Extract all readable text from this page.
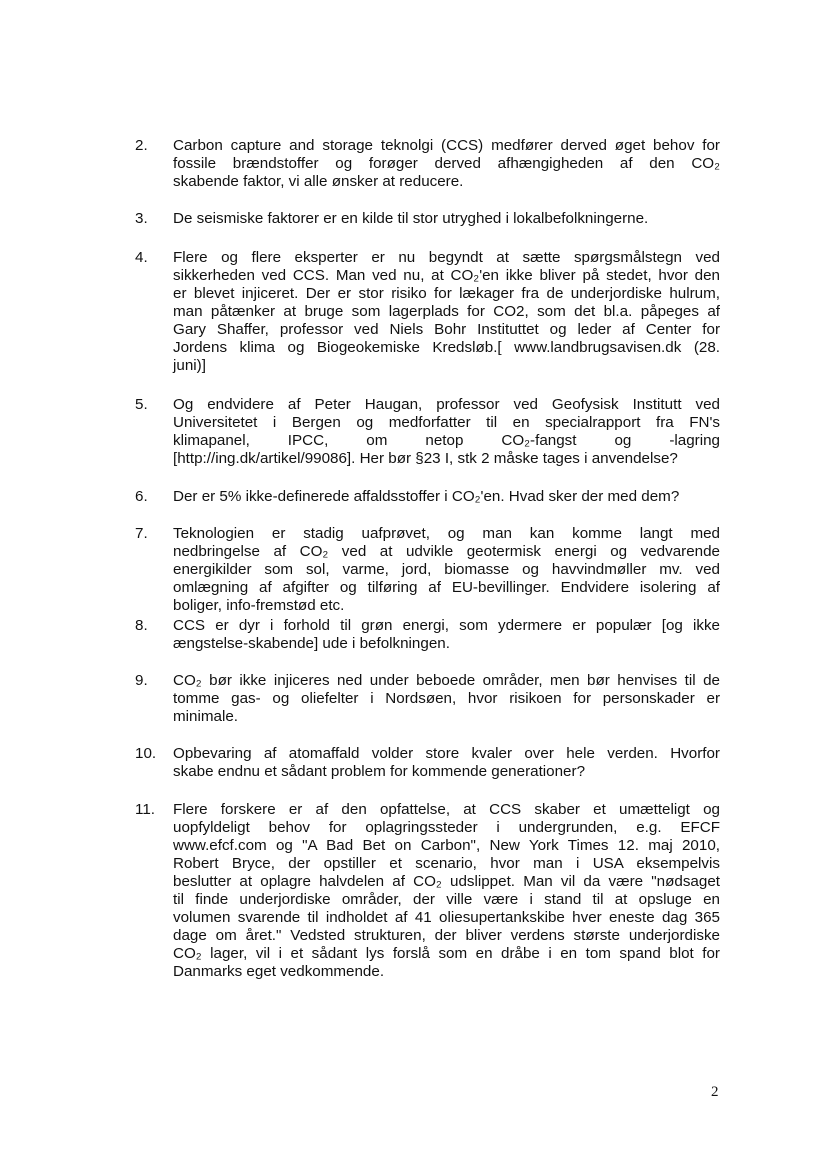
2.	Carbon capture and storage teknolgi (CCS) medfører derved øget behov for
fossile brændstoffer og forøger derved afhængigheden af den CO₂
skabende faktor, vi alle ønsker at reducere.
3.	De seismiske faktorer er en kilde til stor utryghed i lokalbefolkningerne.
4.	Flere og flere eksperter er nu begyndt at sætte spørgsmålstegn ved
sikkerheden ved CCS. Man ved nu, at CO₂'en ikke bliver på stedet, hvor den
er blevet injiceret. Der er stor risiko for lækager fra de underjordiske hulrum,
man påtænker at bruge som lagerplads for CO2, som det bl.a. påpeges af
Gary Shaffer, professor ved Niels Bohr Instituttet og leder af Center for
Jordens klima og Biogeokemiske Kredsløb.[ www.landbrugsavisen.dk (28.
juni)]
5.	Og endvidere af Peter Haugan, professor ved Geofysisk Institutt ved
Universitetet i Bergen og medforfatter til en specialrapport fra FN's
klimapanel, IPCC, om netop CO₂-fangst og -lagring
[http://ing.dk/artikel/99086]. Her bør §23 I, stk 2 måske tages i anvendelse?
6.	Der er 5% ikke-definerede affaldsstoffer i CO₂'en. Hvad sker der med dem?
7.	Teknologien er stadig uafprøvet, og man kan komme langt med
nedbringelse af CO₂ ved at udvikle geotermisk energi og vedvarende
energikilder som sol, varme, jord, biomasse og havvindmøller mv. ved
omlægning af afgifter og tilføring af EU-bevillinger. Endvidere isolering af
boliger, info-fremstød etc.
8.	CCS er dyr i forhold til grøn energi, som ydermere er populær [og ikke
ængstelse-skabende] ude i befolkningen.
9.	CO₂ bør ikke injiceres ned under beboede områder, men bør henvises til de
tomme gas- og oliefelter i Nordsøen, hvor risikoen for personskader er
minimale.
10.	Opbevaring af atomaffald volder store kvaler over hele verden. Hvorfor
skabe endnu et sådant problem for kommende generationer?
11.	Flere forskere er af den opfattelse, at CCS skaber et umætteligt og
uopfyldeligt behov for oplagringssteder i undergrunden, e.g. EFCF
www.efcf.com og "A Bad Bet on Carbon", New York Times 12. maj 2010,
Robert Bryce, der opstiller et scenario, hvor man i USA eksempelvis
beslutter at oplagre halvdelen af CO₂ udslippet. Man vil da være "nødsaget
til finde underjordiske områder, der ville være i stand til at opsluge en
volumen svarende til indholdet af 41 oliesupertankskibe hver eneste dag 365
dage om året." Vedsted strukturen, der bliver verdens største underjordiske
CO₂ lager, vil i et sådant lys forslå som en dråbe i en tom spand blot for
Danmarks eget vedkommende.
2
